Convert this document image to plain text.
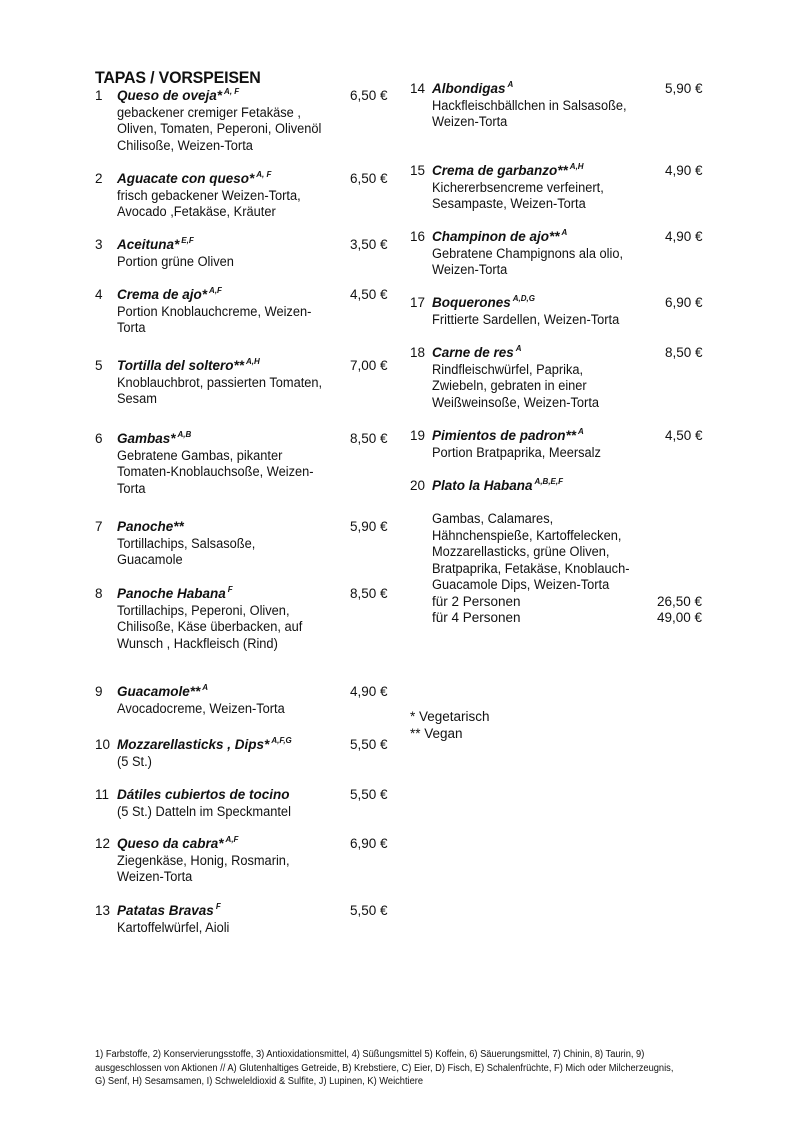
TAPAS / VORSPEISEN
1 Queso de oveja* $^{A, F}$
gebackener cremiger Fetakäse ,
Oliven, Tomaten, Peperoni, Olivenöl
Chilisoße, Weizen-Torta
6,50 €
2 Aguacate con queso* $^{A, F}$
frisch gebackener Weizen-Torta,
Avocado ,Fetakäse, Kräuter
6,50 €
3 Aceituna* $^{E,F}$
Portion grüne Oliven
3,50 €
4 Crema de ajo* $^{A,F}$
Portion Knoblauchcreme, Weizen-
Torta
4,50 €
5 Tortilla del soltero** $^{A,H}$
Knoblauchbrot, passierten Tomaten,
Sesam
7,00 €
6 Gambas* $^{A,B}$
Gebratene Gambas, pikanter
Tomaten-Knoblauchsoße, Weizen-
Torta
8,50 €
7 Panoche**
Tortillachips, Salsasoße,
Guacamole
5,90 €
8 Panoche Habana $^F$
Tortillachips, Peperoni, Oliven,
Chilisoße, Käse überbacken, auf
Wunsch , Hackfleisch (Rind)
8,50 €
9 Guacamole** $^A$
Avocadocreme, Weizen-Torta
4,90 €
10 Mozzarellasticks , Dips* $^{A,F,G}$
(5 St.)
5,50 €
11 Dátiles cubiertos de tocino
(5 St.) Datteln im Speckmantel
5,50 €
12 Queso da cabra* $^{A,F}$
Ziegenkäse, Honig, Rosmarin,
Weizen-Torta
6,90 €
13 Patatas Bravas $^F$
Kartoffelwürfel, Aioli
5,50 €
14 Albondigas $^A$
Hackfleischbällchen in Salsasoße,
Weizen-Torta
5,90 €
15 Crema de garbanzo** $^{A,H}$
Kichererbsencreme verfeinert,
Sesampaste, Weizen-Torta
4,90 €
16 Champinon de ajo** $^A$
Gebratene Champignons ala olio,
Weizen-Torta
4,90 €
17 Boquerones $^{A,D,G}$
Frittierte Sardellen, Weizen-Torta
6,90 €
18 Carne de res $^A$
Rindfleischwürfel, Paprika,
Zwiebeln, gebraten in einer
Weißweinsoße, Weizen-Torta
8,50 €
19 Pimientos de padron** $^A$
Portion Bratpaprika, Meersalz
4,50 €
20 Plato la Habana $^{A,B,E,F}$

Gambas, Calamares,
Hähnchenspieße, Kartoffelecken,
Mozzarellasticks, grüne Oliven,
Bratpaprika, Fetakäse, Knoblauch-
Guacamole Dips, Weizen-Torta
für 2 Personen	26,50 €
für 4 Personen	49,00 €
* Vegetarisch
** Vegan
1) Farbstoffe, 2) Konservierungsstoffe, 3) Antioxidationsmittel, 4) Süßungsmittel 5) Koffein, 6) Säuerungsmittel, 7) Chinin, 8) Taurin, 9)
ausgeschlossen von Aktionen // A) Glutenhaltiges Getreide, B) Krebstiere, C) Eier, D) Fisch, E) Schalenfrüchte, F) Mich oder Milcherzeugnis,
G) Senf, H) Sesamsamen, I) Schweleldioxid & Sulfite, J) Lupinen, K) Weichtiere
